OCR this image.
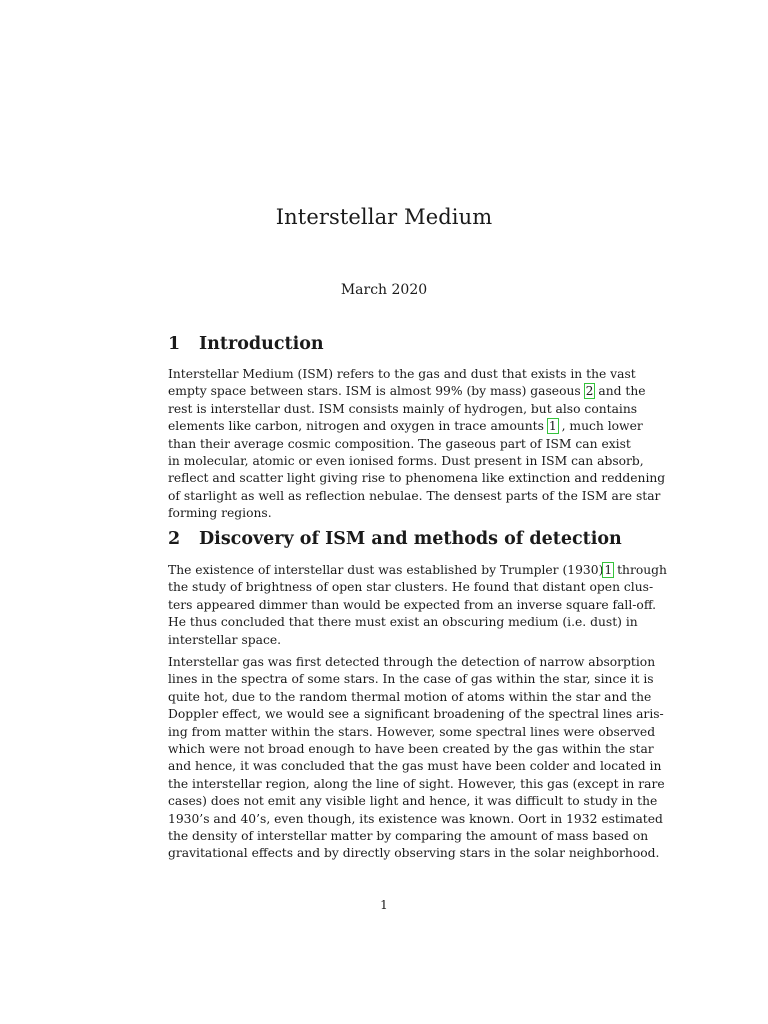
Interstellar Medium

March 2020

1 Introduction
Interstellar Medium (ISM) refers to the gas and dust that exists in the vast
empty space between stars. ISM is almost 99% (by mass) gaseous 2 and the
rest is interstellar dust. ISM consists mainly of hydrogen, but also contains
elements like carbon, nitrogen and oxygen in trace amounts 1 , much lower
than their average cosmic composition. The gaseous part of ISM can exist
in molecular, atomic or even ionised forms. Dust present in ISM can absorb,
reflect and scatter light giving rise to phenomena like extinction and reddening
of starlight as well as reflection nebulae. The densest parts of the ISM are star
forming regions.
2 Discovery of ISM and methods of detection
The existence of interstellar dust was established by Trumpler (1930)1 through
the study of brightness of open star clusters. He found that distant open clus-
ters appeared dimmer than would be expected from an inverse square fall-off.
He thus concluded that there must exist an obscuring medium (i.e. dust) in
interstellar space.
Interstellar gas was first detected through the detection of narrow absorption
lines in the spectra of some stars. In the case of gas within the star, since it is
quite hot, due to the random thermal motion of atoms within the star and the
Doppler effect, we would see a significant broadening of the spectral lines aris-
ing from matter within the stars. However, some spectral lines were observed
which were not broad enough to have been created by the gas within the star
and hence, it was concluded that the gas must have been colder and located in
the interstellar region, along the line of sight. However, this gas (except in rare
cases) does not emit any visible light and hence, it was difficult to study in the
1930’s and 40’s, even though, its existence was known. Oort in 1932 estimated
the density of interstellar matter by comparing the amount of mass based on
gravitational effects and by directly observing stars in the solar neighborhood.

1
